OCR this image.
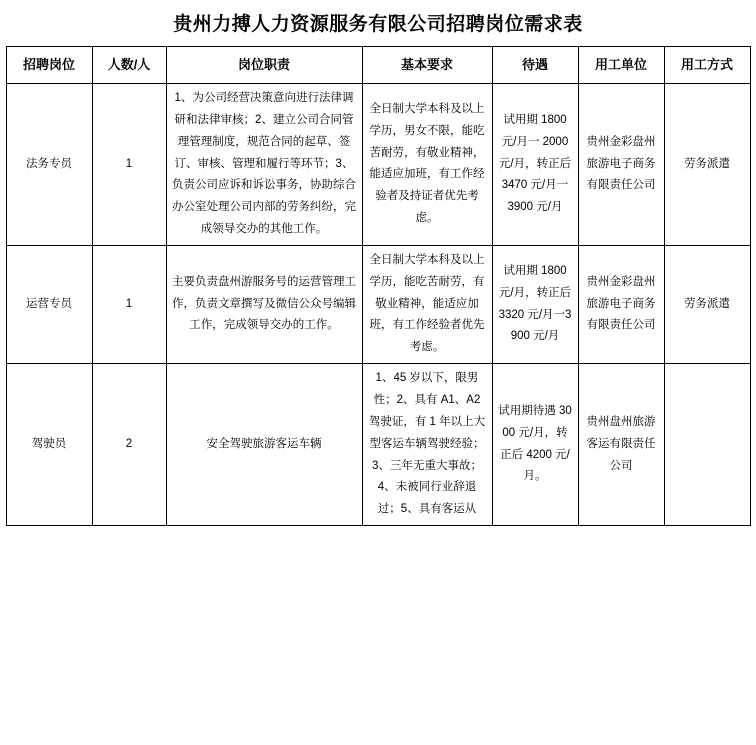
贵州力搏人力资源服务有限公司招聘岗位需求表
招聘岗位	人数/人	岗位职责	基本要求	待遇	用工单位	用工方式
法务专员	1	1、为公司经营决策意向进行法律调研和法律审核；2、建立公司合同管理管理制度，规范合同的起草、签订、审核、管理和履行等环节；3、负责公司应诉和诉讼事务，协助综合办公室处理公司内部的劳务纠纷，完成领导交办的其他工作。	全日制大学本科及以上学历，男女不限，能吃苦耐劳，有敬业精神，能适应加班，有工作经验者及持证者优先考虑。	试用期 1800 元/月一 2000 元/月，转正后 3470 元/月一 3900 元/月	贵州金彩盘州旅游电子商务有限责任公司	劳务派遣
运营专员	1	主要负责盘州游服务号的运营管理工作，负责文章撰写及微信公众号编辑工作，完成领导交办的工作。	全日制大学本科及以上学历，能吃苦耐劳，有敬业精神，能适应加班，有工作经验者优先考虑。	试用期 1800 元/月，转正后 3320 元/月一3900 元/月	贵州金彩盘州旅游电子商务有限责任公司	劳务派遣
驾驶员	2	安全驾驶旅游客运车辆	1、45 岁以下，限男性；2、具有 A1、A2 驾驶证，有 1 年以上大型客运车辆驾驶经验；3、三年无重大事故；4、未被同行业辞退过；5、具有客运从	试用期待遇 3000 元/月，转正后 4200 元/月。	贵州盘州旅游客运有限责任公司	
